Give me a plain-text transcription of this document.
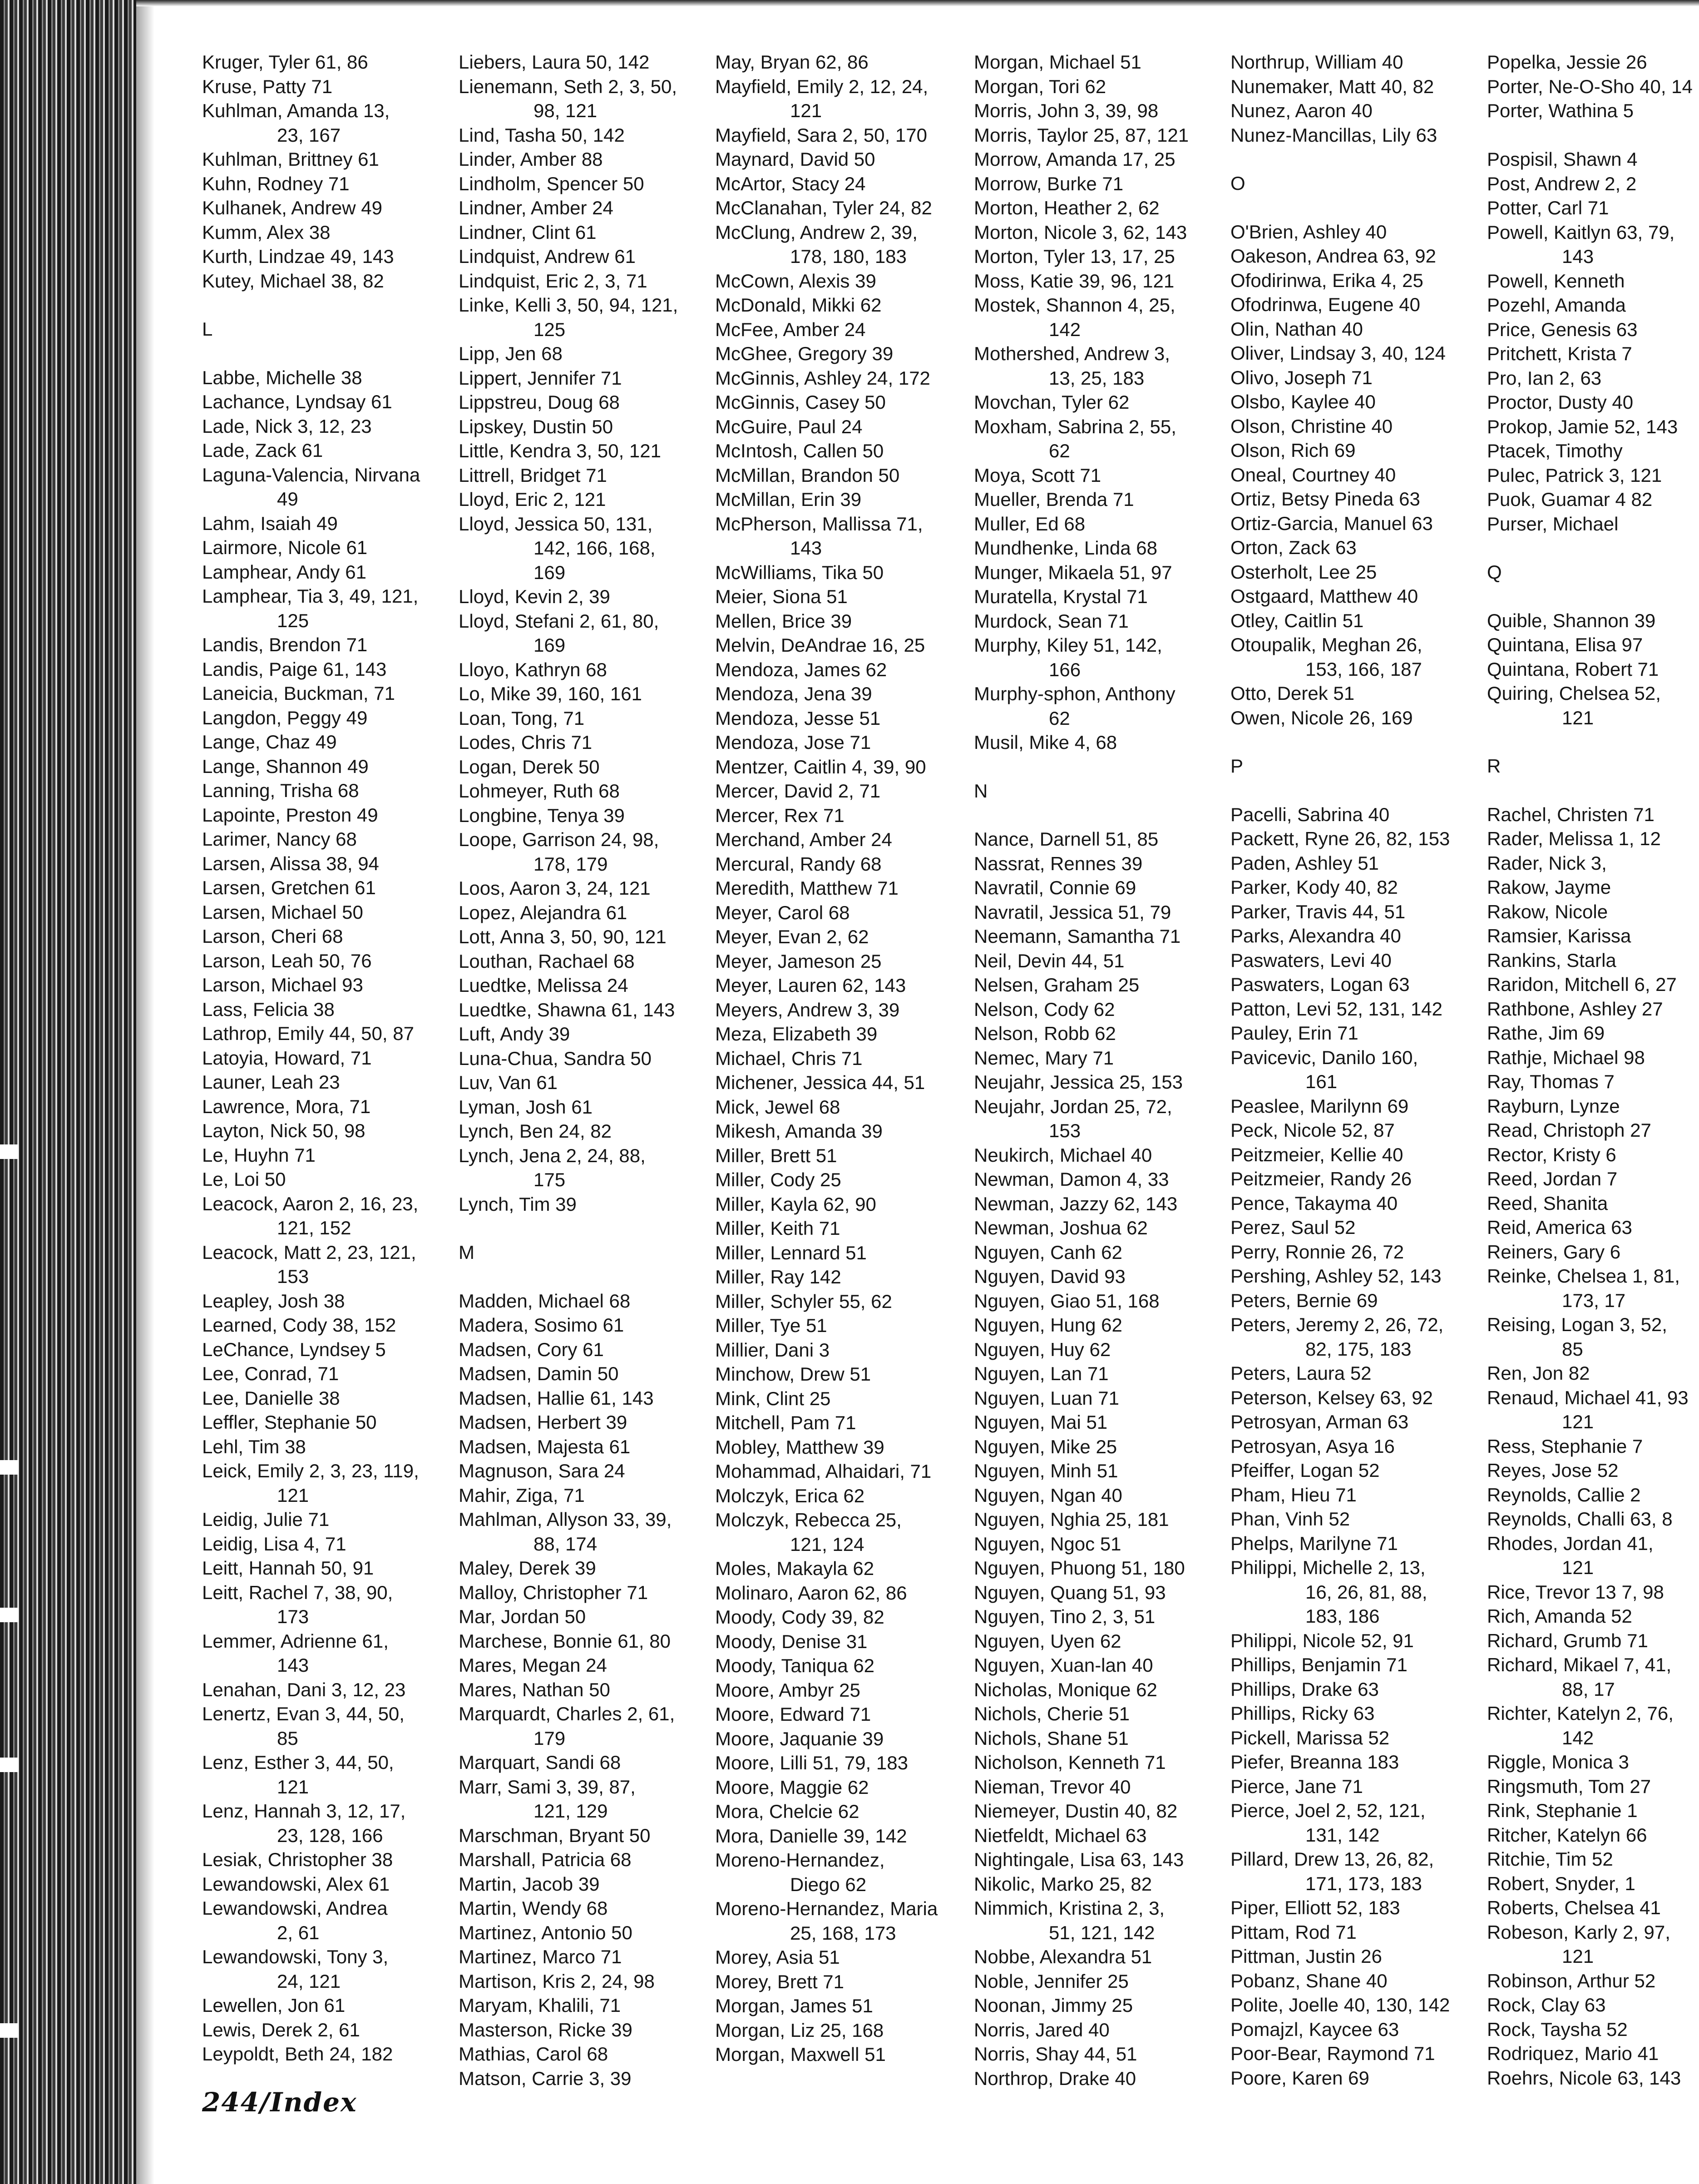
Kruger, Tyler 61, 86
Kruse, Patty 71
Kuhlman, Amanda 13,
23, 167
Kuhlman, Brittney 61
Kuhn, Rodney 71
Kulhanek, Andrew 49
Kumm, Alex 38
Kurth, Lindzae 49, 143
Kutey, Michael 38, 82
L
Labbe, Michelle 38
Lachance, Lyndsay 61
Lade, Nick 3, 12, 23
Lade, Zack 61
Laguna-Valencia, Nirvana
49
Lahm, Isaiah 49
Lairmore, Nicole 61
Lamphear, Andy 61
Lamphear, Tia 3, 49, 121,
125
Landis, Brendon 71
Landis, Paige 61, 143
Laneicia, Buckman, 71
Langdon, Peggy 49
Lange, Chaz 49
Lange, Shannon 49
Lanning, Trisha 68
Lapointe, Preston 49
Larimer, Nancy 68
Larsen, Alissa 38, 94
Larsen, Gretchen 61
Larsen, Michael 50
Larson, Cheri 68
Larson, Leah 50, 76
Larson, Michael 93
Lass, Felicia 38
Lathrop, Emily 44, 50, 87
Latoyia, Howard, 71
Launer, Leah 23
Lawrence, Mora, 71
Layton, Nick 50, 98
Le, Huyhn 71
Le, Loi 50
Leacock, Aaron 2, 16, 23,
121, 152
Leacock, Matt 2, 23, 121,
153
Leapley, Josh 38
Learned, Cody 38, 152
LeChance, Lyndsey 5
Lee, Conrad, 71
Lee, Danielle 38
Leffler, Stephanie 50
Lehl, Tim 38
Leick, Emily 2, 3, 23, 119,
121
Leidig, Julie 71
Leidig, Lisa 4, 71
Leitt, Hannah 50, 91
Leitt, Rachel 7, 38, 90,
173
Lemmer, Adrienne 61,
143
Lenahan, Dani 3, 12, 23
Lenertz, Evan 3, 44, 50,
85
Lenz, Esther 3, 44, 50,
121
Lenz, Hannah 3, 12, 17,
23, 128, 166
Lesiak, Christopher 38
Lewandowski, Alex 61
Lewandowski, Andrea
2, 61
Lewandowski, Tony 3,
24, 121
Lewellen, Jon 61
Lewis, Derek 2, 61
Leypoldt, Beth 24, 182
Liebers, Laura 50, 142
Lienemann, Seth 2, 3, 50,
98, 121
Lind, Tasha 50, 142
Linder, Amber 88
Lindholm, Spencer 50
Lindner, Amber 24
Lindner, Clint 61
Lindquist, Andrew 61
Lindquist, Eric 2, 3, 71
Linke, Kelli 3, 50, 94, 121,
125
Lipp, Jen 68
Lippert, Jennifer 71
Lippstreu, Doug 68
Lipskey, Dustin 50
Little, Kendra 3, 50, 121
Littrell, Bridget 71
Lloyd, Eric 2, 121
Lloyd, Jessica 50, 131,
142, 166, 168,
169
Lloyd, Kevin 2, 39
Lloyd, Stefani 2, 61, 80,
169
Lloyo, Kathryn 68
Lo, Mike 39, 160, 161
Loan, Tong, 71
Lodes, Chris 71
Logan, Derek 50
Lohmeyer, Ruth 68
Longbine, Tenya 39
Loope, Garrison 24, 98,
178, 179
Loos, Aaron 3, 24, 121
Lopez, Alejandra 61
Lott, Anna 3, 50, 90, 121
Louthan, Rachael 68
Luedtke, Melissa 24
Luedtke, Shawna 61, 143
Luft, Andy 39
Luna-Chua, Sandra 50
Luv, Van 61
Lyman, Josh 61
Lynch, Ben 24, 82
Lynch, Jena 2, 24, 88,
175
Lynch, Tim 39
M
Madden, Michael 68
Madera, Sosimo 61
Madsen, Cory 61
Madsen, Damin 50
Madsen, Hallie 61, 143
Madsen, Herbert 39
Madsen, Majesta 61
Magnuson, Sara 24
Mahir, Ziga, 71
Mahlman, Allyson 33, 39,
88, 174
Maley, Derek 39
Malloy, Christopher 71
Mar, Jordan 50
Marchese, Bonnie 61, 80
Mares, Megan 24
Mares, Nathan 50
Marquardt, Charles 2, 61,
179
Marquart, Sandi 68
Marr, Sami 3, 39, 87,
121, 129
Marschman, Bryant 50
Marshall, Patricia 68
Martin, Jacob 39
Martin, Wendy 68
Martinez, Antonio 50
Martinez, Marco 71
Martison, Kris 2, 24, 98
Maryam, Khalili, 71
Masterson, Ricke 39
Mathias, Carol 68
Matson, Carrie 3, 39
May, Bryan 62, 86
Mayfield, Emily 2, 12, 24,
121
Mayfield, Sara 2, 50, 170
Maynard, David 50
McArtor, Stacy 24
McClanahan, Tyler 24, 82
McClung, Andrew 2, 39,
178, 180, 183
McCown, Alexis 39
McDonald, Mikki 62
McFee, Amber 24
McGhee, Gregory 39
McGinnis, Ashley 24, 172
McGinnis, Casey 50
McGuire, Paul 24
McIntosh, Callen 50
McMillan, Brandon 50
McMillan, Erin 39
McPherson, Mallissa 71,
143
McWilliams, Tika 50
Meier, Siona 51
Mellen, Brice 39
Melvin, DeAndrae 16, 25
Mendoza, James 62
Mendoza, Jena 39
Mendoza, Jesse 51
Mendoza, Jose 71
Mentzer, Caitlin 4, 39, 90
Mercer, David 2, 71
Mercer, Rex 71
Merchand, Amber 24
Mercural, Randy 68
Meredith, Matthew 71
Meyer, Carol 68
Meyer, Evan 2, 62
Meyer, Jameson 25
Meyer, Lauren 62, 143
Meyers, Andrew 3, 39
Meza, Elizabeth 39
Michael, Chris 71
Michener, Jessica 44, 51
Mick, Jewel 68
Mikesh, Amanda 39
Miller, Brett 51
Miller, Cody 25
Miller, Kayla 62, 90
Miller, Keith 71
Miller, Lennard 51
Miller, Ray 142
Miller, Schyler 55, 62
Miller, Tye 51
Millier, Dani 3
Minchow, Drew 51
Mink, Clint 25
Mitchell, Pam 71
Mobley, Matthew 39
Mohammad, Alhaidari, 71
Molczyk, Erica 62
Molczyk, Rebecca 25,
121, 124
Moles, Makayla 62
Molinaro, Aaron 62, 86
Moody, Cody 39, 82
Moody, Denise 31
Moody, Taniqua 62
Moore, Ambyr 25
Moore, Edward 71
Moore, Jaquanie 39
Moore, Lilli 51, 79, 183
Moore, Maggie 62
Mora, Chelcie 62
Mora, Danielle 39, 142
Moreno-Hernandez,
Diego 62
Moreno-Hernandez, Maria
25, 168, 173
Morey, Asia 51
Morey, Brett 71
Morgan, James 51
Morgan, Liz 25, 168
Morgan, Maxwell 51
Morgan, Michael 51
Morgan, Tori 62
Morris, John 3, 39, 98
Morris, Taylor 25, 87, 121
Morrow, Amanda 17, 25
Morrow, Burke 71
Morton, Heather 2, 62
Morton, Nicole 3, 62, 143
Morton, Tyler 13, 17, 25
Moss, Katie 39, 96, 121
Mostek, Shannon 4, 25,
142
Mothershed, Andrew 3,
13, 25, 183
Movchan, Tyler 62
Moxham, Sabrina 2, 55,
62
Moya, Scott 71
Mueller, Brenda 71
Muller, Ed 68
Mundhenke, Linda 68
Munger, Mikaela 51, 97
Muratella, Krystal 71
Murdock, Sean 71
Murphy, Kiley 51, 142,
166
Murphy-sphon, Anthony
62
Musil, Mike 4, 68
N
Nance, Darnell 51, 85
Nassrat, Rennes 39
Navratil, Connie 69
Navratil, Jessica 51, 79
Neemann, Samantha 71
Neil, Devin 44, 51
Nelsen, Graham 25
Nelson, Cody 62
Nelson, Robb 62
Nemec, Mary 71
Neujahr, Jessica 25, 153
Neujahr, Jordan 25, 72,
153
Neukirch, Michael 40
Newman, Damon 4, 33
Newman, Jazzy 62, 143
Newman, Joshua 62
Nguyen, Canh 62
Nguyen, David 93
Nguyen, Giao 51, 168
Nguyen, Hung 62
Nguyen, Huy 62
Nguyen, Lan 71
Nguyen, Luan 71
Nguyen, Mai 51
Nguyen, Mike 25
Nguyen, Minh 51
Nguyen, Ngan 40
Nguyen, Nghia 25, 181
Nguyen, Ngoc 51
Nguyen, Phuong 51, 180
Nguyen, Quang 51, 93
Nguyen, Tino 2, 3, 51
Nguyen, Uyen 62
Nguyen, Xuan-lan 40
Nicholas, Monique 62
Nichols, Cherie 51
Nichols, Shane 51
Nicholson, Kenneth 71
Nieman, Trevor 40
Niemeyer, Dustin 40, 82
Nietfeldt, Michael 63
Nightingale, Lisa 63, 143
Nikolic, Marko 25, 82
Nimmich, Kristina 2, 3,
51, 121, 142
Nobbe, Alexandra 51
Noble, Jennifer 25
Noonan, Jimmy 25
Norris, Jared 40
Norris, Shay 44, 51
Northrop, Drake 40
Northrup, William 40
Nunemaker, Matt 40, 82
Nunez, Aaron 40
Nunez-Mancillas, Lily 63
O
O'Brien, Ashley 40
Oakeson, Andrea 63, 92
Ofodirinwa, Erika 4, 25
Ofodrinwa, Eugene 40
Olin, Nathan 40
Oliver, Lindsay 3, 40, 124
Olivo, Joseph 71
Olsbo, Kaylee 40
Olson, Christine 40
Olson, Rich 69
Oneal, Courtney 40
Ortiz, Betsy Pineda 63
Ortiz-Garcia, Manuel 63
Orton, Zack 63
Osterholt, Lee 25
Ostgaard, Matthew 40
Otley, Caitlin 51
Otoupalik, Meghan 26,
153, 166, 187
Otto, Derek 51
Owen, Nicole 26, 169
P
Pacelli, Sabrina 40
Packett, Ryne 26, 82, 153
Paden, Ashley 51
Parker, Kody 40, 82
Parker, Travis 44, 51
Parks, Alexandra 40
Paswaters, Levi 40
Paswaters, Logan 63
Patton, Levi 52, 131, 142
Pauley, Erin 71
Pavicevic, Danilo 160,
161
Peaslee, Marilynn 69
Peck, Nicole 52, 87
Peitzmeier, Kellie 40
Peitzmeier, Randy 26
Pence, Takayma 40
Perez, Saul 52
Perry, Ronnie 26, 72
Pershing, Ashley 52, 143
Peters, Bernie 69
Peters, Jeremy 2, 26, 72,
82, 175, 183
Peters, Laura 52
Peterson, Kelsey 63, 92
Petrosyan, Arman 63
Petrosyan, Asya 16
Pfeiffer, Logan 52
Pham, Hieu 71
Phan, Vinh 52
Phelps, Marilyne 71
Philippi, Michelle 2, 13,
16, 26, 81, 88,
183, 186
Philippi, Nicole 52, 91
Phillips, Benjamin 71
Phillips, Drake 63
Phillips, Ricky 63
Pickell, Marissa 52
Piefer, Breanna 183
Pierce, Jane 71
Pierce, Joel 2, 52, 121,
131, 142
Pillard, Drew 13, 26, 82,
171, 173, 183
Piper, Elliott 52, 183
Pittam, Rod 71
Pittman, Justin 26
Pobanz, Shane 40
Polite, Joelle 40, 130, 142
Pomajzl, Kaycee 63
Poor-Bear, Raymond 71
Poore, Karen 69
Popelka, Jessie 26
Porter, Ne-O-Sho 40, 14
Porter, Wathina 5
Pospisil, Shawn 4
Post, Andrew 2, 2
Potter, Carl 71
Powell, Kaitlyn 63, 79,
143
Powell, Kenneth
Pozehl, Amanda
Price, Genesis 63
Pritchett, Krista 7
Pro, Ian 2, 63
Proctor, Dusty 40
Prokop, Jamie 52, 143
Ptacek, Timothy
Pulec, Patrick 3, 121
Puok, Guamar 4 82
Purser, Michael
Q
Quible, Shannon 39
Quintana, Elisa 97
Quintana, Robert 71
Quiring, Chelsea 52,
121
R
Rachel, Christen 71
Rader, Melissa 1, 12
Rader, Nick 3,
Rakow, Jayme
Rakow, Nicole
Ramsier, Karissa
Rankins, Starla
Raridon, Mitchell 6, 27
Rathbone, Ashley 27
Rathe, Jim 69
Rathje, Michael 98
Ray, Thomas 7
Rayburn, Lynze
Read, Christoph 27
Rector, Kristy 6
Reed, Jordan 7
Reed, Shanita
Reid, America 63
Reiners, Gary 6
Reinke, Chelsea 1, 81,
173, 17
Reising, Logan 3, 52,
85
Ren, Jon 82
Renaud, Michael 41, 93
121
Ress, Stephanie 7
Reyes, Jose 52
Reynolds, Callie 2
Reynolds, Challi 63, 8
Rhodes, Jordan 41,
121
Rice, Trevor 13 7, 98
Rich, Amanda 52
Richard, Grumb 71
Richard, Mikael 7, 41,
88, 17
Richter, Katelyn 2, 76,
142
Riggle, Monica 3
Ringsmuth, Tom 27
Rink, Stephanie 1
Ritcher, Katelyn 66
Ritchie, Tim 52
Robert, Snyder, 1
Roberts, Chelsea 41
Robeson, Karly 2, 97,
121
Robinson, Arthur 52
Rock, Clay 63
Rock, Taysha 52
Rodriquez, Mario 41
Roehrs, Nicole 63, 143
244/Index
